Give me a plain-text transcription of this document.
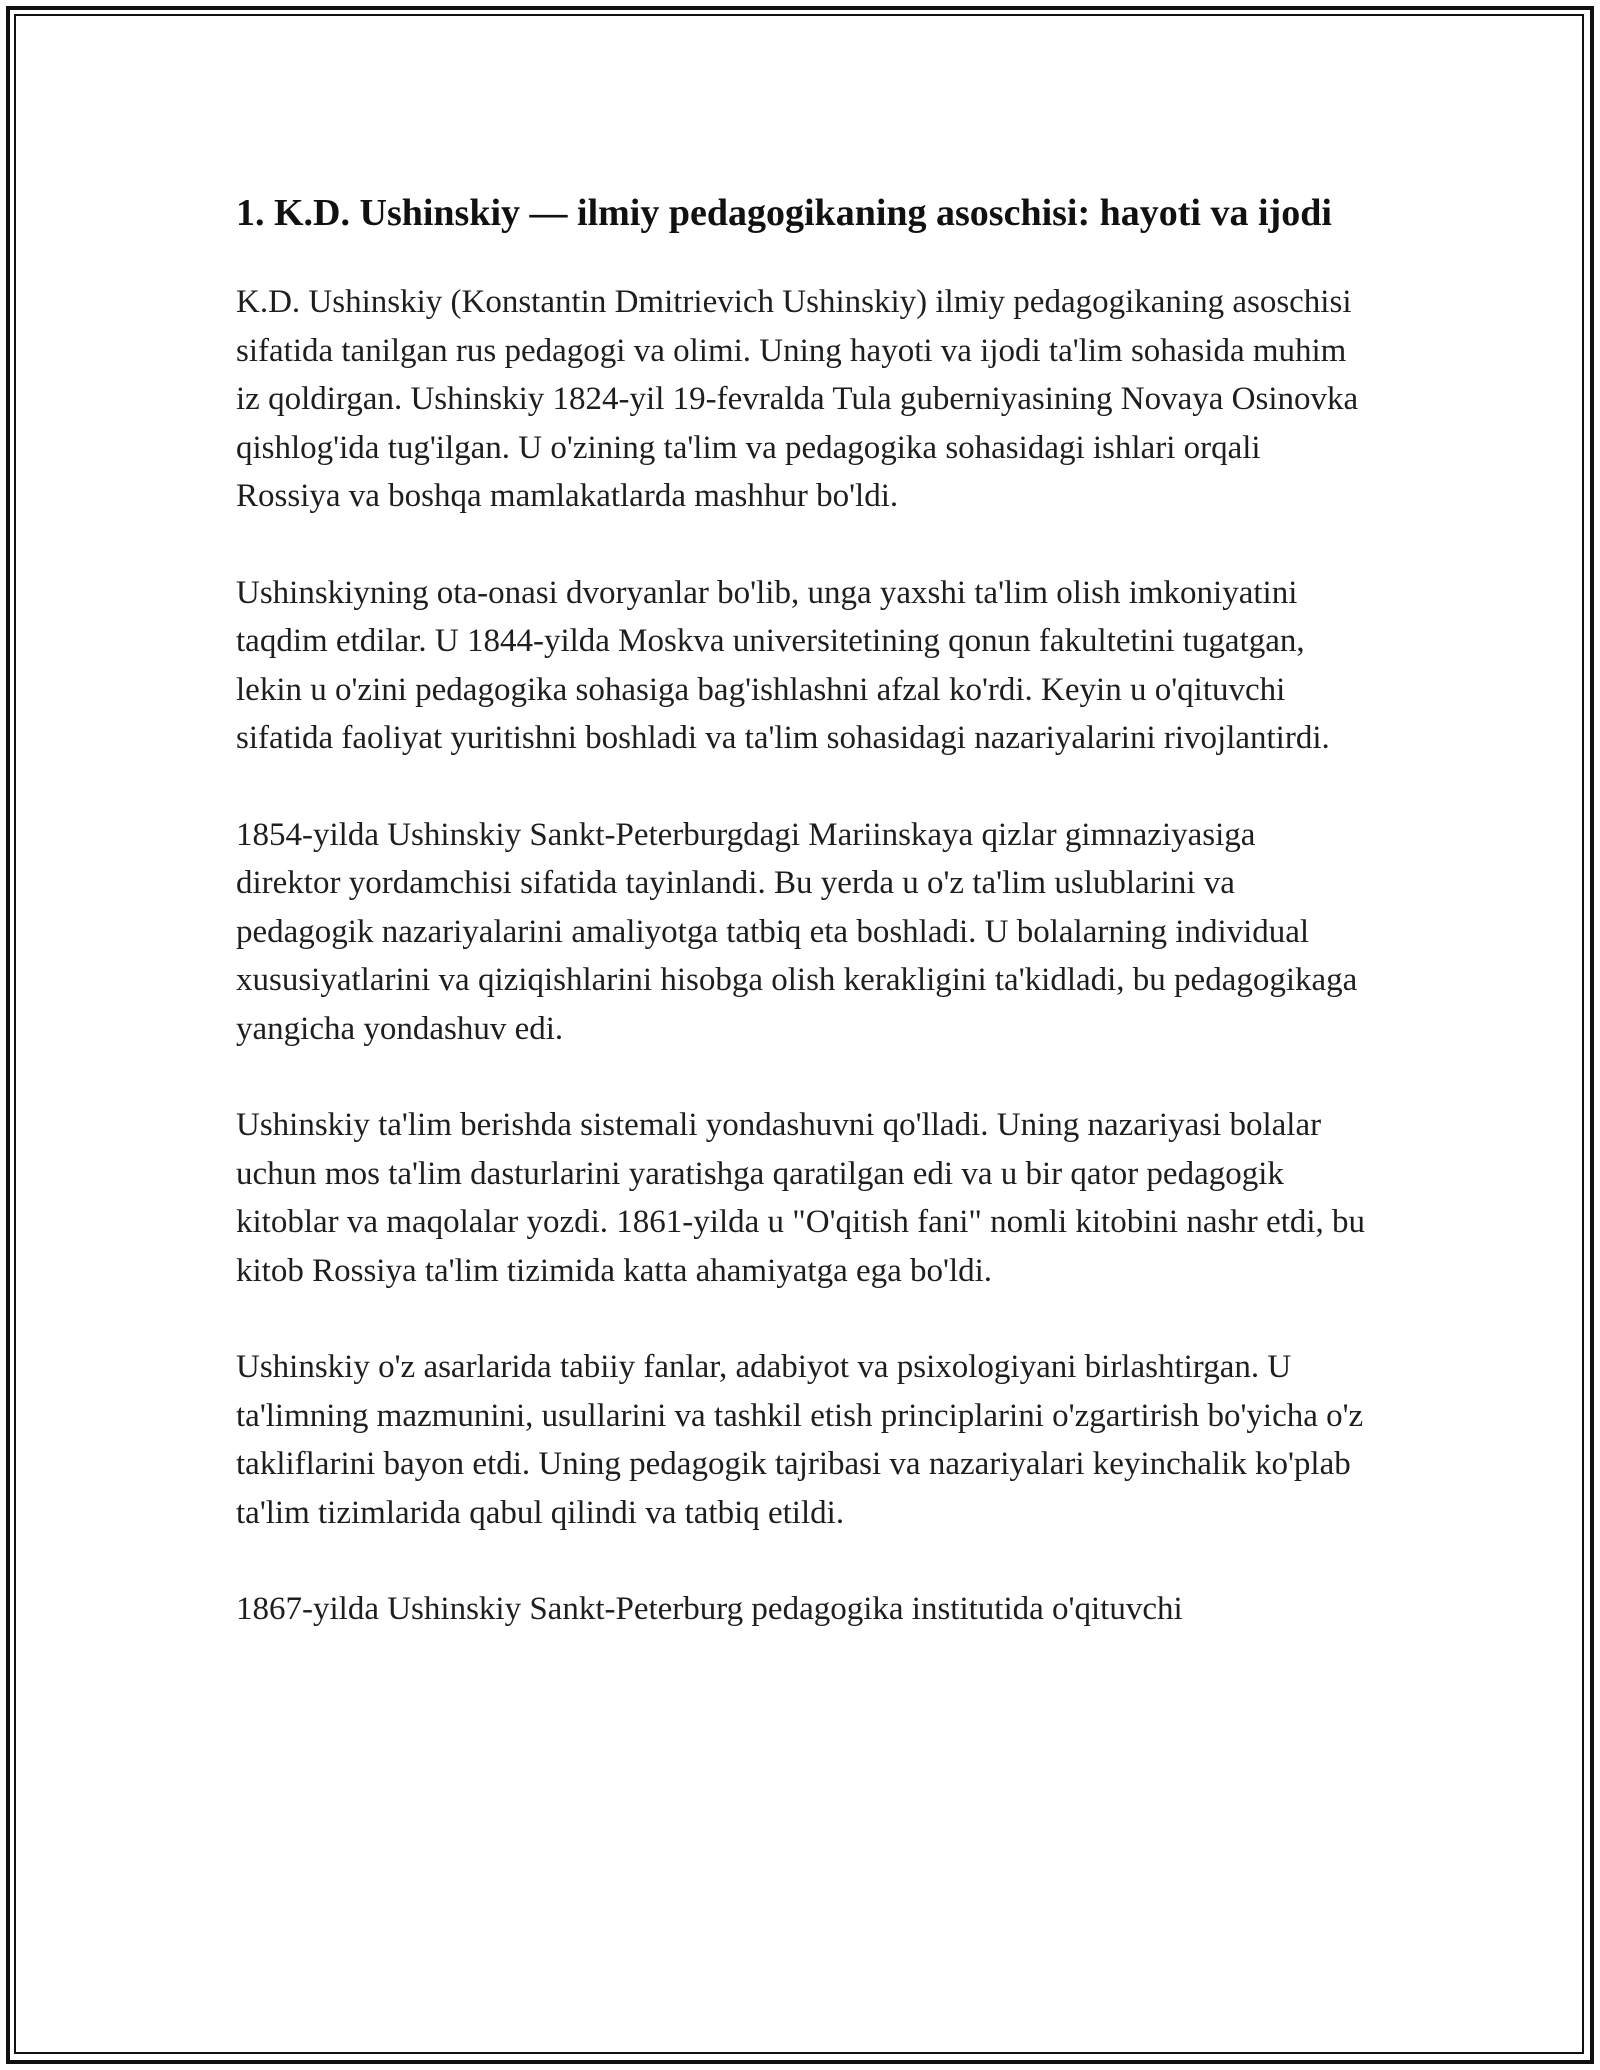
1. K.D. Ushinskiy — ilmiy pedagogikaning asoschisi: hayoti va ijodi

K.D. Ushinskiy (Konstantin Dmitrievich Ushinskiy) ilmiy pedagogikaning asoschisi sifatida tanilgan rus pedagogi va olimi. Uning hayoti va ijodi ta'lim sohasida muhim iz qoldirgan. Ushinskiy 1824-yil 19-fevralda Tula guberniyasining Novaya Osinovka qishlog'ida tug'ilgan. U o'zining ta'lim va pedagogika sohasidagi ishlari orqali Rossiya va boshqa mamlakatlarda mashhur bo'ldi.

Ushinskiyning ota-onasi dvoryanlar bo'lib, unga yaxshi ta'lim olish imkoniyatini taqdim etdilar. U 1844-yilda Moskva universitetining qonun fakultetini tugatgan, lekin u o'zini pedagogika sohasiga bag'ishlashni afzal ko'rdi. Keyin u o'qituvchi sifatida faoliyat yuritishni boshladi va ta'lim sohasidagi nazariyalarini rivojlantirdi.

1854-yilda Ushinskiy Sankt-Peterburgdagi Mariinskaya qizlar gimnaziyasiga direktor yordamchisi sifatida tayinlandi. Bu yerda u o'z ta'lim uslublarini va pedagogik nazariyalarini amaliyotga tatbiq eta boshladi. U bolalarning individual xususiyatlarini va qiziqishlarini hisobga olish kerakligini ta'kidladi, bu pedagogikaga yangicha yondashuv edi.

Ushinskiy ta'lim berishda sistemali yondashuvni qo'lladi. Uning nazariyasi bolalar uchun mos ta'lim dasturlarini yaratishga qaratilgan edi va u bir qator pedagogik kitoblar va maqolalar yozdi. 1861-yilda u "O'qitish fani" nomli kitobini nashr etdi, bu kitob Rossiya ta'lim tizimida katta ahamiyatga ega bo'ldi.

Ushinskiy o'z asarlarida tabiiy fanlar, adabiyot va psixologiyani birlashtirgan. U ta'limning mazmunini, usullarini va tashkil etish principlarini o'zgartirish bo'yicha o'z takliflarini bayon etdi. Uning pedagogik tajribasi va nazariyalari keyinchalik ko'plab ta'lim tizimlarida qabul qilindi va tatbiq etildi.

1867-yilda Ushinskiy Sankt-Peterburg pedagogika institutida o'qituvchi
